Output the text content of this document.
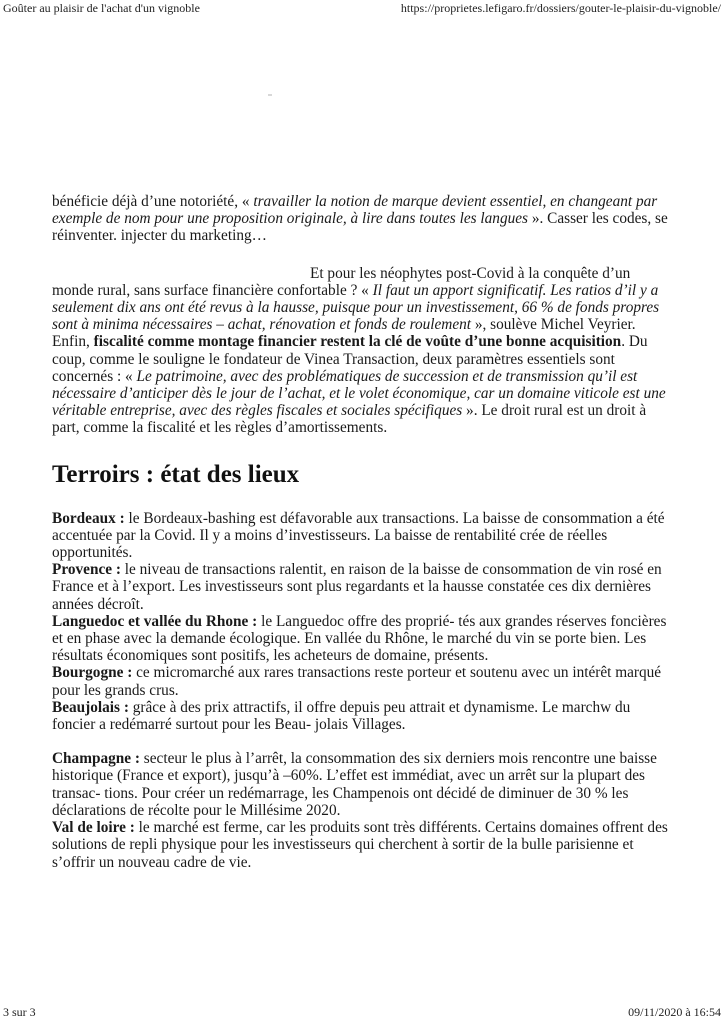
Goûter au plaisir de l'achat d'un vignoble	https://proprietes.lefigaro.fr/dossiers/gouter-le-plaisir-du-vignoble/

bénéficie déjà d’une notoriété, « travailler la notion de marque devient essentiel, en changeant par exemple de nom pour une proposition originale, à lire dans toutes les langues ». Casser les codes, se réinventer. injecter du marketing…

Et pour les néophytes post-Covid à la conquête d’un monde rural, sans surface financière confortable ? « Il faut un apport significatif. Les ratios d’il y a seulement dix ans ont été revus à la hausse, puisque pour un investissement, 66 % de fonds propres sont à minima nécessaires – achat, rénovation et fonds de roulement », soulève Michel Veyrier. Enfin, fiscalité comme montage financier restent la clé de voûte d’une bonne acquisition. Du coup, comme le souligne le fondateur de Vinea Transaction, deux paramètres essentiels sont concernés : « Le patrimoine, avec des problématiques de succession et de transmission qu’il est nécessaire d’anticiper dès le jour de l’achat, et le volet économique, car un domaine viticole est une véritable entreprise, avec des règles fiscales et sociales spécifiques ». Le droit rural est un droit à part, comme la fiscalité et les règles d’amortissements.

Terroirs : état des lieux

Bordeaux : le Bordeaux-bashing est défavorable aux transactions. La baisse de consommation a été accentuée par la Covid. Il y a moins d’investisseurs. La baisse de rentabilité crée de réelles opportunités.

Provence : le niveau de transactions ralentit, en raison de la baisse de consommation de vin rosé en France et à l’export. Les investisseurs sont plus regardants et la hausse constatée ces dix dernières années décroît.

Languedoc et vallée du Rhone : le Languedoc offre des proprié- tés aux grandes réserves foncières et en phase avec la demande écologique. En vallée du Rhône, le marché du vin se porte bien. Les résultats économiques sont positifs, les acheteurs de domaine, présents.

Bourgogne : ce micromarché aux rares transactions reste porteur et soutenu avec un intérêt marqué pour les grands crus.

Beaujolais : grâce à des prix attractifs, il offre depuis peu attrait et dynamisme. Le marchw du foncier a redémarré surtout pour les Beau- jolais Villages.

Champagne : secteur le plus à l’arrêt, la consommation des six derniers mois rencontre une baisse historique (France et export), jusqu’à –60%. L’effet est immédiat, avec un arrêt sur la plupart des transac- tions. Pour créer un redémarrage, les Champenois ont décidé de diminuer de 30 % les déclarations de récolte pour le Millésime 2020.

Val de loire : le marché est ferme, car les produits sont très différents. Certains domaines offrent des solutions de repli physique pour les investisseurs qui cherchent à sortir de la bulle parisienne et s’offrir un nouveau cadre de vie.

3 sur 3	09/11/2020 à 16:54
